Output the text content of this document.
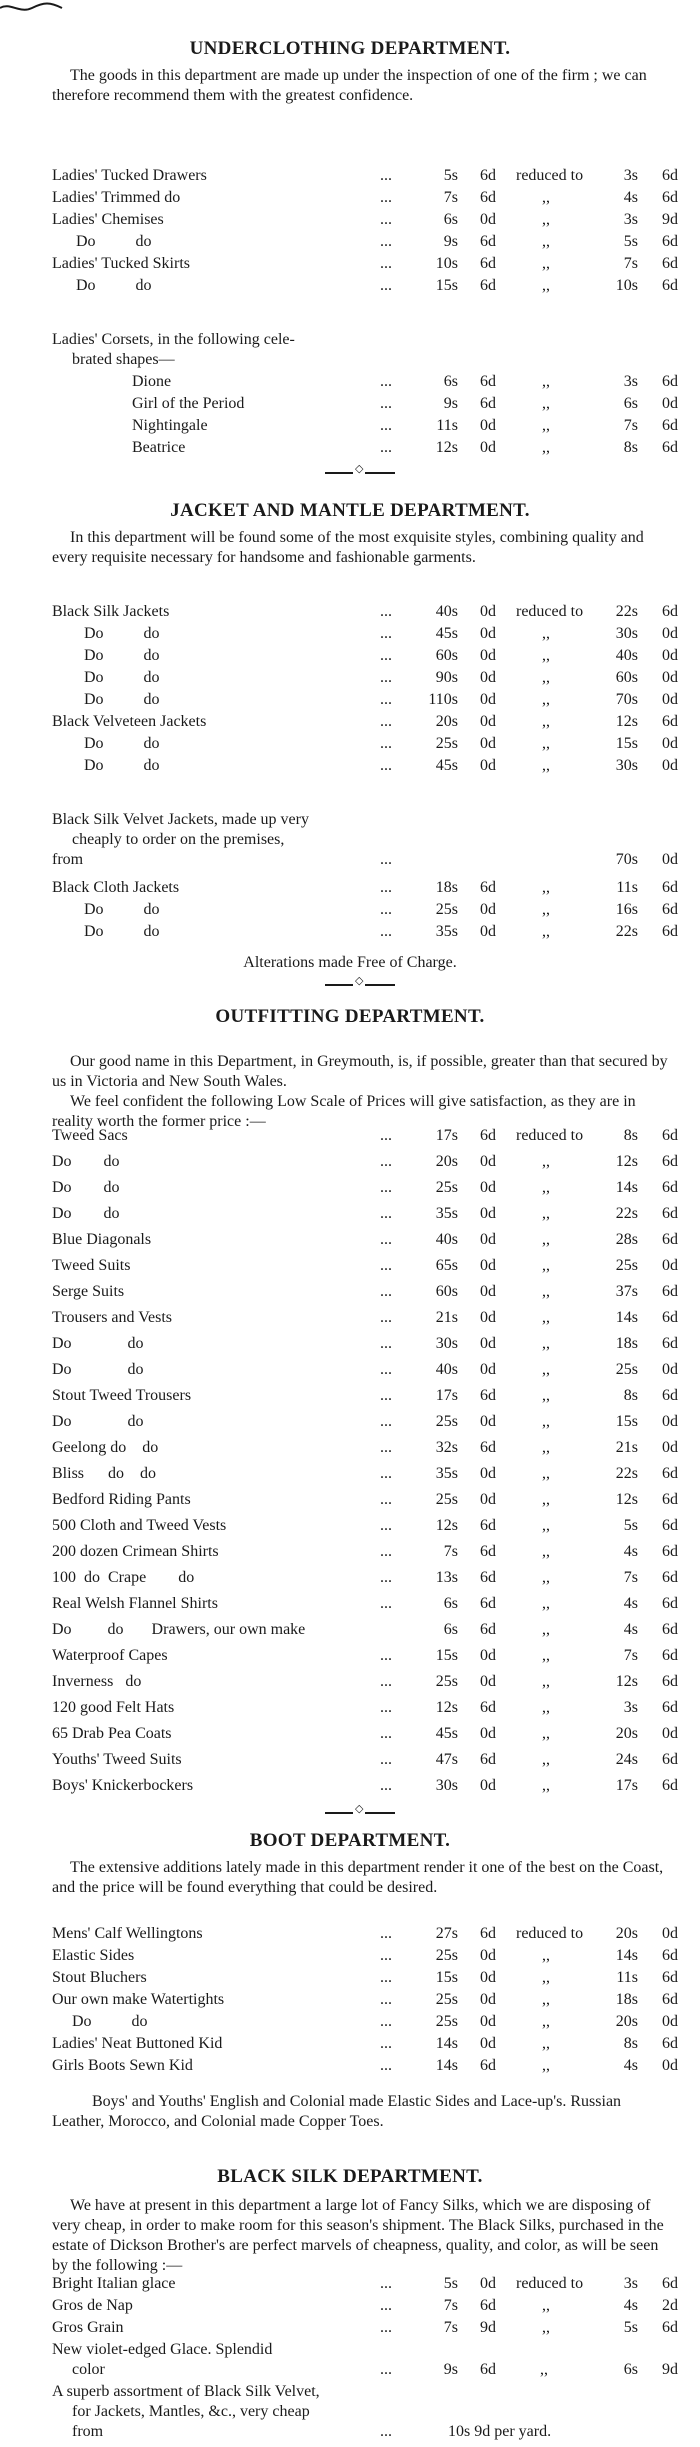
UNDERCLOTHING DEPARTMENT.

The goods in this department are made up under the inspection of one of the firm ; we can therefore recommend them with the greatest confidence.

Ladies' Tucked Drawers	...	5s	6d reduced to	3s	6d
Ladies' Trimmed do	...	7s	6d	,,	4s	6d
Ladies' Chemises	...	6s	0d	,,	3s	9d
Do          do	...	9s	6d	,,	5s	6d
Ladies' Tucked Skirts	...	10s	6d	,,	7s	6d
Do          do	...	15s	6d	,,	10s	6d
Ladies' Corsets, in the following cele-
brated shapes—
Dione	...	6s	6d	,,	3s	6d
Girl of the Period	...	9s	6d	,,	6s	0d
Nightingale	...	11s	0d	,,	7s	6d
Beatrice	...	12s	0d	,,	8s	6d
◇
JACKET AND MANTLE DEPARTMENT.

In this department will be found some of the most exquisite styles, combining quality and every requisite necessary for handsome and fashionable garments.

Black Silk Jackets	...	40s	0d reduced to	22s	6d
Do          do	...	45s	0d	,,	30s	0d
Do          do	...	60s	0d	,,	40s	0d
Do          do	...	90s	0d	,,	60s	0d
Do          do	...	110s	0d	,,	70s	0d
Black Velveteen Jackets	...	20s	0d	,,	12s	6d
Do          do	...	25s	0d	,,	15s	0d
Do          do	...	45s	0d	,,	30s	0d
Black Silk Velvet Jackets, made up very
cheaply to order on the premises,
from	...	70s	0d
Black Cloth Jackets	...	18s	6d	,,	11s	6d
Do          do	...	25s	0d	,,	16s	6d
Do          do	...	35s	0d	,,	22s	6d
Alterations made Free of Charge.
◇
OUTFITTING DEPARTMENT.

Our good name in this Department, in Greymouth, is, if possible, greater than that secured by us in Victoria and New South Wales.

We feel confident the following Low Scale of Prices will give satisfaction, as they are in reality worth the former price :—

Tweed Sacs	...	17s	6d reduced to	8s	6d
Do        do	...	20s	0d	,,	12s	6d
Do        do	...	25s	0d	,,	14s	6d
Do        do	...	35s	0d	,,	22s	6d
Blue Diagonals	...	40s	0d	,,	28s	6d
Tweed Suits	...	65s	0d	,,	25s	0d
Serge Suits	...	60s	0d	,,	37s	6d
Trousers and Vests	...	21s	0d	,,	14s	6d
Do              do	...	30s	0d	,,	18s	6d
Do              do	...	40s	0d	,,	25s	0d
Stout Tweed Trousers	...	17s	6d	,,	8s	6d
Do              do	...	25s	0d	,,	15s	0d
Geelong do    do	...	32s	6d	,,	21s	0d
Bliss      do    do	...	35s	0d	,,	22s	6d
Bedford Riding Pants	...	25s	0d	,,	12s	6d
500 Cloth and Tweed Vests	...	12s	6d	,,	5s	6d
200 dozen Crimean Shirts	...	7s	6d	,,	4s	6d
100  do  Crape        do	...	13s	6d	,,	7s	6d
Real Welsh Flannel Shirts	...	6s	6d	,,	4s	6d
Do         do       Drawers, our own make	6s	6d	,,	4s	6d
Waterproof Capes	...	15s	0d	,,	7s	6d
Inverness   do	...	25s	0d	,,	12s	6d
120 good Felt Hats	...	12s	6d	,,	3s	6d
65 Drab Pea Coats	...	45s	0d	,,	20s	0d
Youths' Tweed Suits	...	47s	6d	,,	24s	6d
Boys' Knickerbockers	...	30s	0d	,,	17s	6d
◇
BOOT DEPARTMENT.

The extensive additions lately made in this department render it one of the best on the Coast, and the price will be found everything that could be desired.

Mens' Calf Wellingtons	...	27s	6d reduced to	20s	0d
Elastic Sides	...	25s	0d	,,	14s	6d
Stout Bluchers	...	15s	0d	,,	11s	6d
Our own make Watertights	...	25s	0d	,,	18s	6d
Do          do	...	25s	0d	,,	20s	0d
Ladies' Neat Buttoned Kid	...	14s	0d	,,	8s	6d
Girls Boots Sewn Kid	...	14s	6d	,,	4s	0d
Boys' and Youths' English and Colonial made Elastic Sides and Lace-up's. Russian Leather, Morocco, and Colonial made Copper Toes.
BLACK SILK DEPARTMENT.

We have at present in this department a large lot of Fancy Silks, which we are disposing of very cheap, in order to make room for this season's shipment. The Black Silks, purchased in the estate of Dickson Brother's are perfect marvels of cheapness, quality, and color, as will be seen by the following :—

Bright Italian glace	...	5s	0d reduced to	3s	6d
Gros de Nap	...	7s	6d	,,	4s	2d
Gros Grain	...	7s	9d	,,	5s	6d
New violet-edged Glace. Splendid
color	...	9s	6d	,,	6s	9d
A superb assortment of Black Silk Velvet,
for Jackets, Mantles, &c., very cheap
from	...	10s 9d per yard.
